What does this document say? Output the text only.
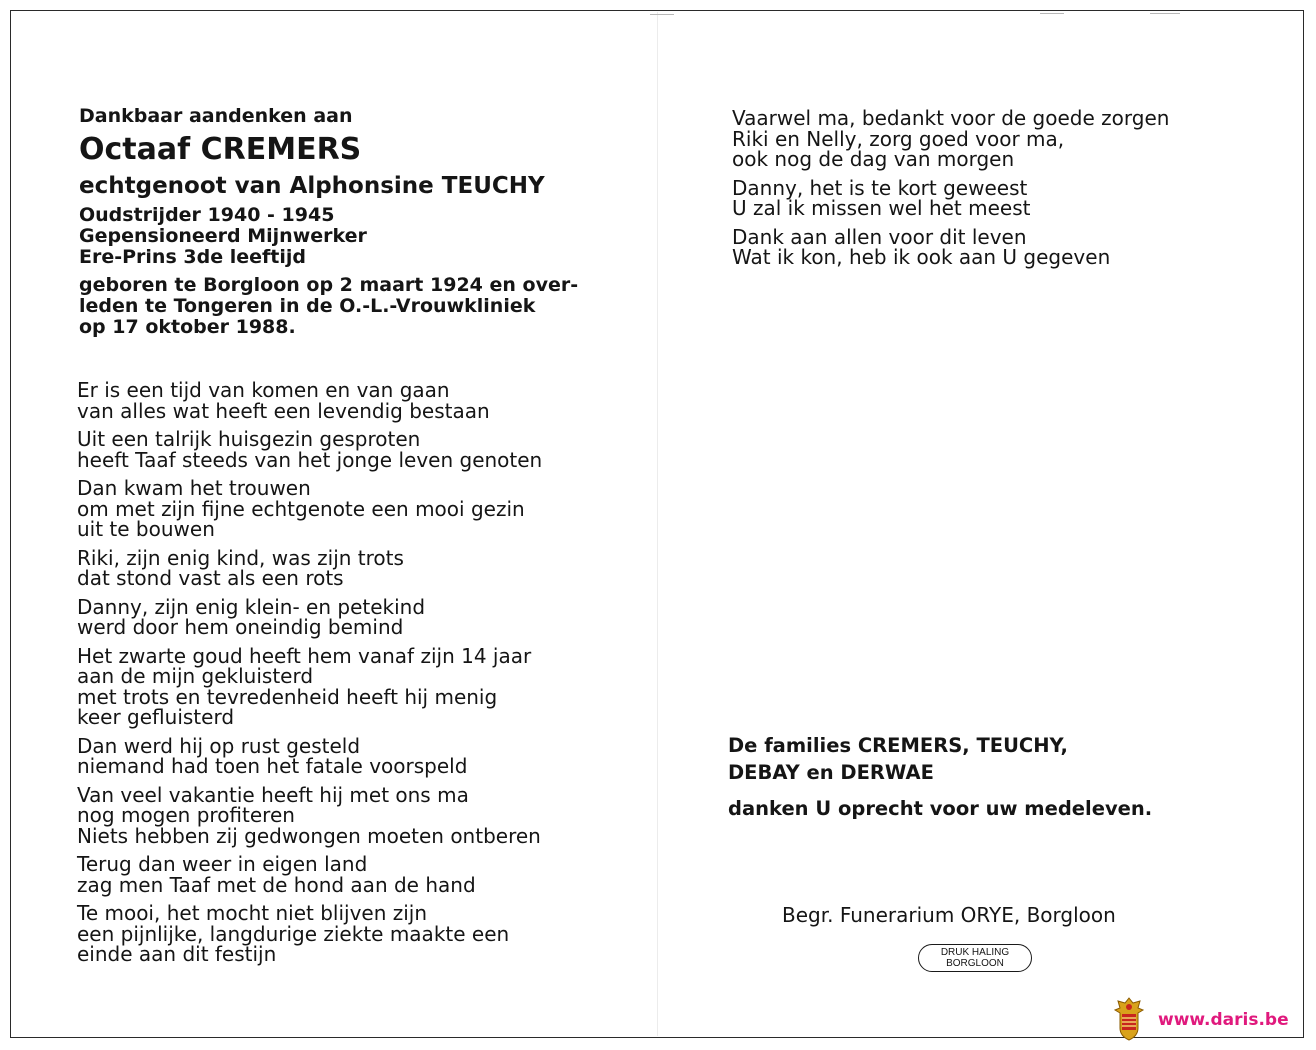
Dankbaar aandenken aan
Octaaf CREMERS
echtgenoot van Alphonsine TEUCHY
Oudstrijder 1940 - 1945
Gepensioneerd Mijnwerker
Ere-Prins 3de leeftijd
geboren te Borgloon op 2 maart 1924 en over-
leden te Tongeren in de O.-L.-Vrouwkliniek
op 17 oktober 1988.
Er is een tijd van komen en van gaan
van alles wat heeft een levendig bestaan
Uit een talrijk huisgezin gesproten
heeft Taaf steeds van het jonge leven genoten
Dan kwam het trouwen
om met zijn fijne echtgenote een mooi gezin
uit te bouwen
Riki, zijn enig kind, was zijn trots
dat stond vast als een rots
Danny, zijn enig klein- en petekind
werd door hem oneindig bemind
Het zwarte goud heeft hem vanaf zijn 14 jaar
aan de mijn gekluisterd
met trots en tevredenheid heeft hij menig
keer gefluisterd
Dan werd hij op rust gesteld
niemand had toen het fatale voorspeld
Van veel vakantie heeft hij met ons ma
nog mogen profiteren
Niets hebben zij gedwongen moeten ontberen
Terug dan weer in eigen land
zag men Taaf met de hond aan de hand
Te mooi, het mocht niet blijven zijn
een pijnlijke, langdurige ziekte maakte een
einde aan dit festijn
Vaarwel ma, bedankt voor de goede zorgen
Riki en Nelly, zorg goed voor ma,
ook nog de dag van morgen
Danny, het is te kort geweest
U zal ik missen wel het meest
Dank aan allen voor dit leven
Wat ik kon, heb ik ook aan U gegeven
De families CREMERS, TEUCHY,
DEBAY en DERWAE
danken U oprecht voor uw medeleven.
Begr. Funerarium ORYE, Borgloon
DRUK HALING
BORGLOON
www.daris.be
